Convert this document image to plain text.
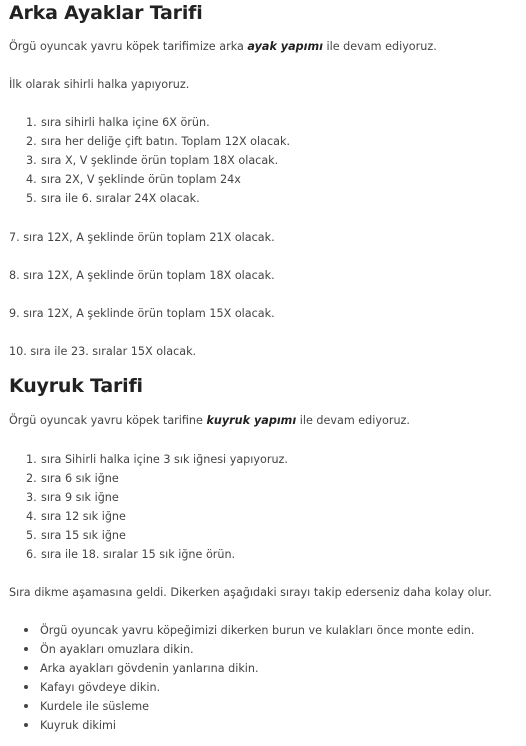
Arka Ayaklar Tarifi

Örgü oyuncak yavru köpek tarifimize arka ayak yapımı ile devam ediyoruz.

İlk olarak sihirli halka yapıyoruz.

1. sıra sihirli halka içine 6X örün.

2. sıra her deliğe çift batın. Toplam 12X olacak.

3. sıra X, V şeklinde örün toplam 18X olacak.

4. sıra 2X, V şeklinde örün toplam 24x

5. sıra ile 6. sıralar 24X olacak.

7. sıra 12X, A şeklinde örün toplam 21X olacak.

8. sıra 12X, A şeklinde örün toplam 18X olacak.

9. sıra 12X, A şeklinde örün toplam 15X olacak.

10. sıra ile 23. sıralar 15X olacak.

Kuyruk Tarifi

Örgü oyuncak yavru köpek tarifine kuyruk yapımı ile devam ediyoruz.

1. sıra Sihirli halka içine 3 sık iğnesi yapıyoruz.

2. sıra 6 sık iğne

3. sıra 9 sık iğne

4. sıra 12 sık iğne

5. sıra 15 sık iğne

6. sıra ile 18. sıralar 15 sık iğne örün.

Sıra dikme aşamasına geldi. Dikerken aşağıdaki sırayı takip ederseniz daha kolay olur.

Örgü oyuncak yavru köpeğimizi dikerken burun ve kulakları önce monte edin.

Ön ayakları omuzlara dikin.

Arka ayakları gövdenin yanlarına dikin.

Kafayı gövdeye dikin.

Kurdele ile süsleme

Kuyruk dikimi
